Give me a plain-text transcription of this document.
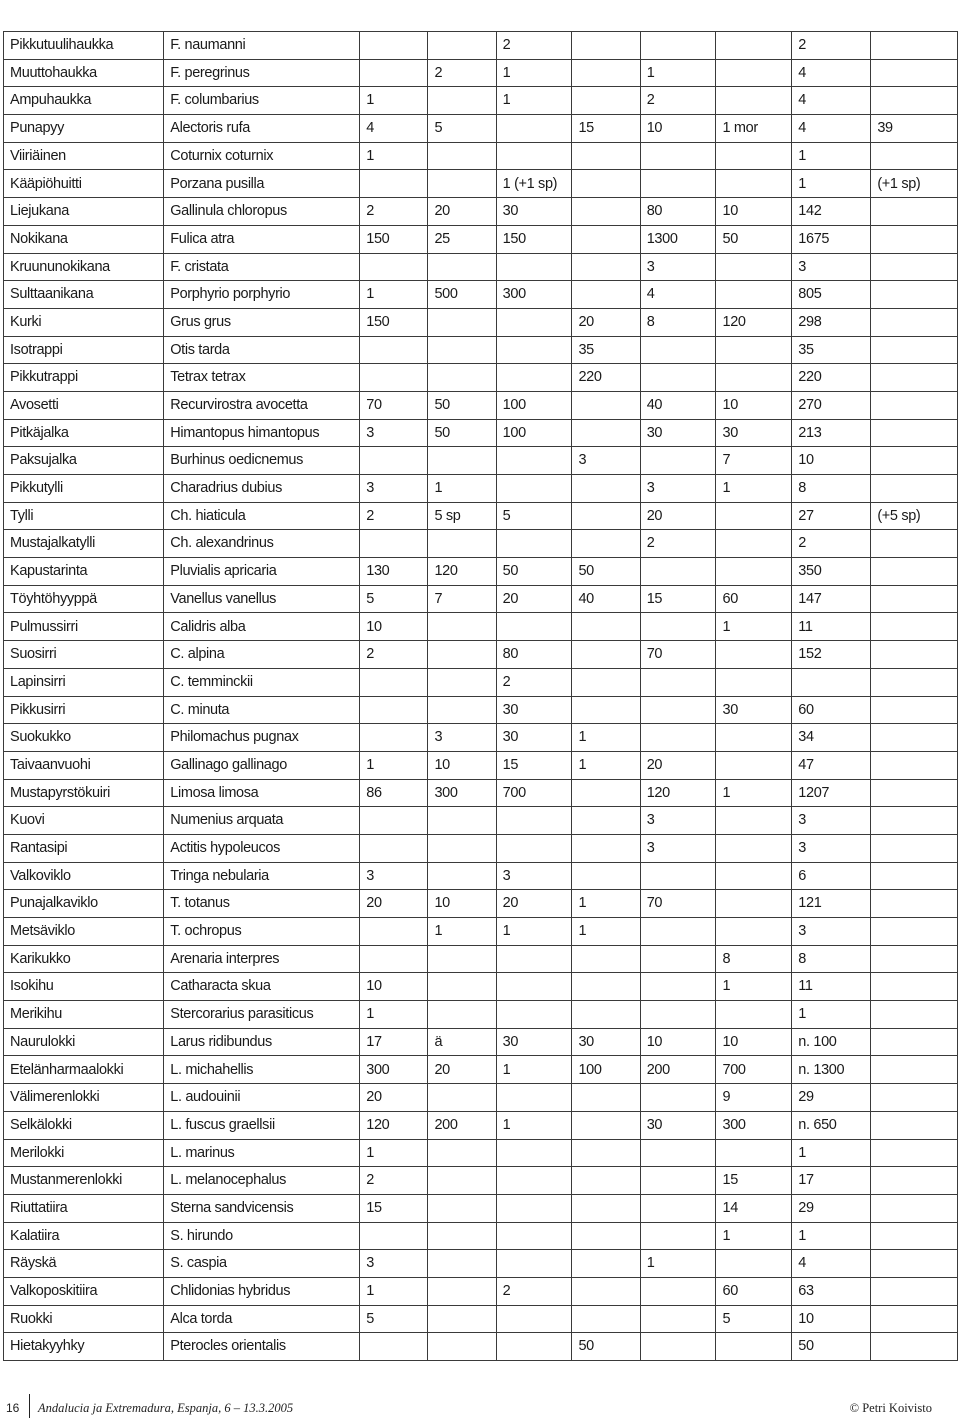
Pikkutuulihaukka	F. naumanni			2				2	
Muuttohaukka	F. peregrinus		2	1		1		4	
Ampuhaukka	F. columbarius	1		1		2		4	
Punapyy	Alectoris rufa	4	5		15	10	1 mor	4	39
Viiriäinen	Coturnix coturnix	1						1	
Kääpiöhuitti	Porzana pusilla			1 (+1 sp)				1	(+1 sp)
Liejukana	Gallinula chloropus	2	20	30		80	10	142	
Nokikana	Fulica atra	150	25	150		1300	50	1675	
Kruununokikana	F. cristata					3		3	
Sulttaanikana	Porphyrio porphyrio	1	500	300		4		805	
Kurki	Grus grus	150			20	8	120	298	
Isotrappi	Otis tarda				35			35	
Pikkutrappi	Tetrax tetrax				220			220	
Avosetti	Recurvirostra avocetta	70	50	100		40	10	270	
Pitkäjalka	Himantopus himantopus	3	50	100		30	30	213	
Paksujalka	Burhinus oedicnemus				3		7	10	
Pikkutylli	Charadrius dubius	3	1			3	1	8	
Tylli	Ch. hiaticula	2	5 sp	5		20		27	(+5 sp)
Mustajalkatylli	Ch. alexandrinus					2		2	
Kapustarinta	Pluvialis apricaria	130	120	50	50			350	
Töyhtöhyyppä	Vanellus vanellus	5	7	20	40	15	60	147	
Pulmussirri	Calidris alba	10					1	11	
Suosirri	C. alpina	2		80		70		152	
Lapinsirri	C. temminckii			2					
Pikkusirri	C. minuta			30			30	60	
Suokukko	Philomachus pugnax		3	30	1			34	
Taivaanvuohi	Gallinago gallinago	1	10	15	1	20		47	
Mustapyrstökuiri	Limosa limosa	86	300	700		120	1	1207	
Kuovi	Numenius arquata					3		3	
Rantasipi	Actitis hypoleucos					3		3	
Valkoviklo	Tringa nebularia	3		3				6	
Punajalkaviklo	T. totanus	20	10	20	1	70		121	
Metsäviklo	T. ochropus		1	1	1			3	
Karikukko	Arenaria interpres						8	8	
Isokihu	Catharacta skua	10					1	11	
Merikihu	Stercorarius parasiticus	1						1	
Naurulokki	Larus ridibundus	17	ä	30	30	10	10	n. 100	
Etelänharmaalokki	L. michahellis	300	20	1	100	200	700	n. 1300	
Välimerenlokki	L. audouinii	20					9	29	
Selkälokki	L. fuscus graellsii	120	200	1		30	300	n. 650	
Merilokki	L. marinus	1						1	
Mustanmerenlokki	L. melanocephalus	2					15	17	
Riuttatiira	Sterna sandvicensis	15					14	29	
Kalatiira	S. hirundo						1	1	
Räyskä	S. caspia	3				1		4	
Valkoposkitiira	Chlidonias hybridus	1		2			60	63	
Ruokki	Alca torda	5					5	10	
Hietakyyhky	Pterocles orientalis				50			50	
16 Andalucia ja Extremadura, Espanja, 6 – 13.3.2005	© Petri Koivisto
